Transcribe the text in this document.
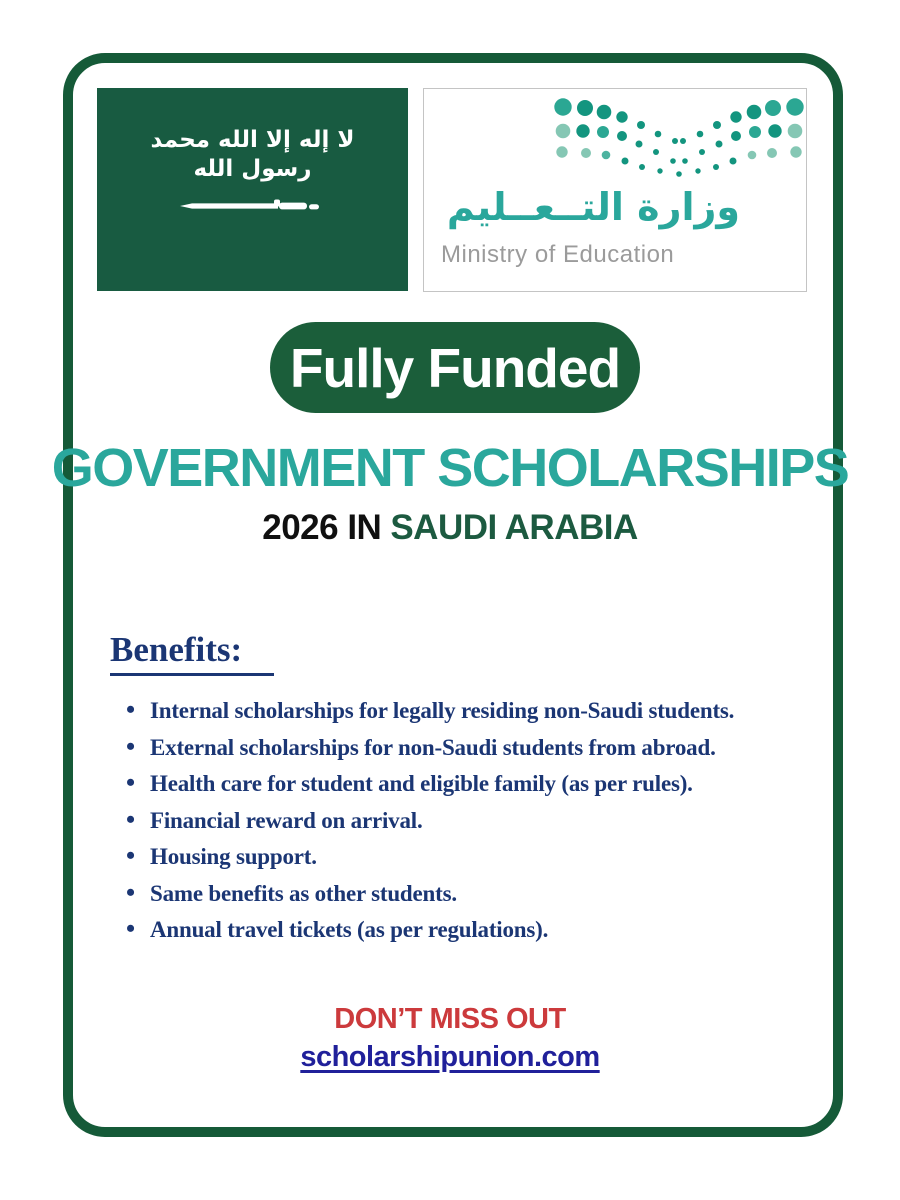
لا إله إلا الله محمد رسول الله
وزارة التــعــليم
Ministry of Education
Fully Funded
GOVERNMENT SCHOLARSHIPS
2026 IN SAUDI ARABIA
Benefits:
• Internal scholarships for legally residing non-Saudi students.
• External scholarships for non-Saudi students from abroad.
• Health care for student and eligible family (as per rules).
• Financial reward on arrival.
• Housing support.
• Same benefits as other students.
• Annual travel tickets (as per regulations).
DON’T MISS OUT
scholarshipunion.com
